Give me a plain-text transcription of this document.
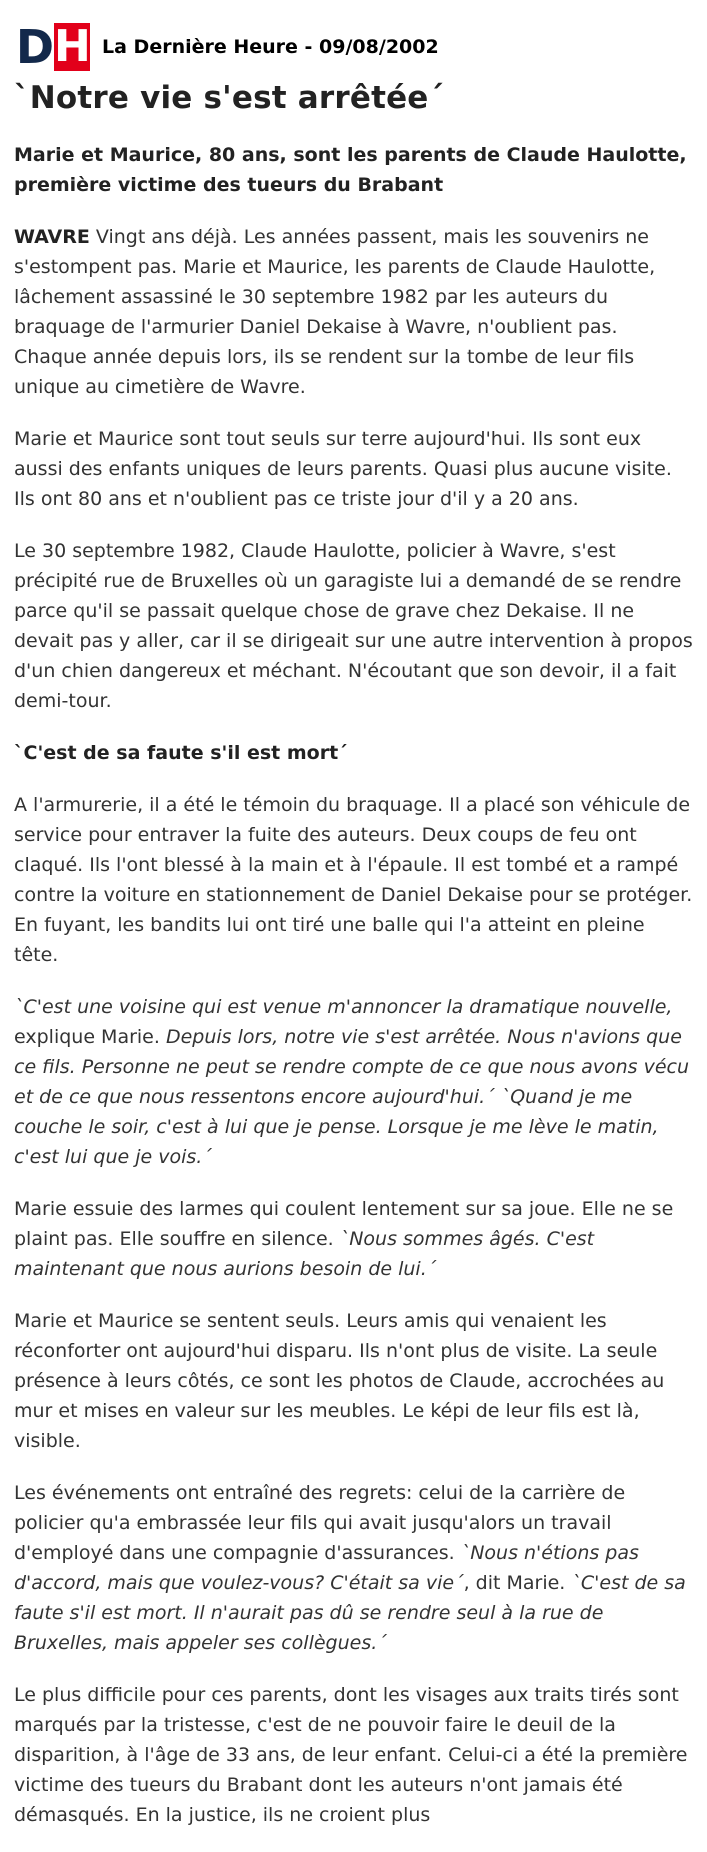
D H La Dernière Heure - 09/08/2002
`Notre vie s'est arrêtée´

Marie et Maurice, 80 ans, sont les parents de Claude Haulotte, première victime des tueurs du Brabant

WAVRE Vingt ans déjà. Les années passent, mais les souvenirs ne s'estompent pas. Marie et Maurice, les parents de Claude Haulotte, lâchement assassiné le 30 septembre 1982 par les auteurs du braquage de l'armurier Daniel Dekaise à Wavre, n'oublient pas. Chaque année depuis lors, ils se rendent sur la tombe de leur fils unique au cimetière de Wavre.

Marie et Maurice sont tout seuls sur terre aujourd'hui. Ils sont eux aussi des enfants uniques de leurs parents. Quasi plus aucune visite. Ils ont 80 ans et n'oublient pas ce triste jour d'il y a 20 ans.

Le 30 septembre 1982, Claude Haulotte, policier à Wavre, s'est précipité rue de Bruxelles où un garagiste lui a demandé de se rendre parce qu'il se passait quelque chose de grave chez Dekaise. Il ne devait pas y aller, car il se dirigeait sur une autre intervention à propos d'un chien dangereux et méchant. N'écoutant que son devoir, il a fait demi-tour.

`C'est de sa faute s'il est mort´

A l'armurerie, il a été le témoin du braquage. Il a placé son véhicule de service pour entraver la fuite des auteurs. Deux coups de feu ont claqué. Ils l'ont blessé à la main et à l'épaule. Il est tombé et a rampé contre la voiture en stationnement de Daniel Dekaise pour se protéger. En fuyant, les bandits lui ont tiré une balle qui l'a atteint en pleine tête.

`C'est une voisine qui est venue m'annoncer la dramatique nouvelle, explique Marie. Depuis lors, notre vie s'est arrêtée. Nous n'avions que ce fils. Personne ne peut se rendre compte de ce que nous avons vécu et de ce que nous ressentons encore aujourd'hui.´ `Quand je me couche le soir, c'est à lui que je pense. Lorsque je me lève le matin, c'est lui que je vois.´

Marie essuie des larmes qui coulent lentement sur sa joue. Elle ne se plaint pas. Elle souffre en silence. `Nous sommes âgés. C'est maintenant que nous aurions besoin de lui.´

Marie et Maurice se sentent seuls. Leurs amis qui venaient les réconforter ont aujourd'hui disparu. Ils n'ont plus de visite. La seule présence à leurs côtés, ce sont les photos de Claude, accrochées au mur et mises en valeur sur les meubles. Le képi de leur fils est là, visible.

Les événements ont entraîné des regrets: celui de la carrière de policier qu'a embrassée leur fils qui avait jusqu'alors un travail d'employé dans une compagnie d'assurances. `Nous n'étions pas d'accord, mais que voulez-vous? C'était sa vie´, dit Marie. `C'est de sa faute s'il est mort. Il n'aurait pas dû se rendre seul à la rue de Bruxelles, mais appeler ses collègues.´

Le plus difficile pour ces parents, dont les visages aux traits tirés sont marqués par la tristesse, c'est de ne pouvoir faire le deuil de la disparition, à l'âge de 33 ans, de leur enfant. Celui-ci a été la première victime des tueurs du Brabant dont les auteurs n'ont jamais été démasqués. En la justice, ils ne croient plus
